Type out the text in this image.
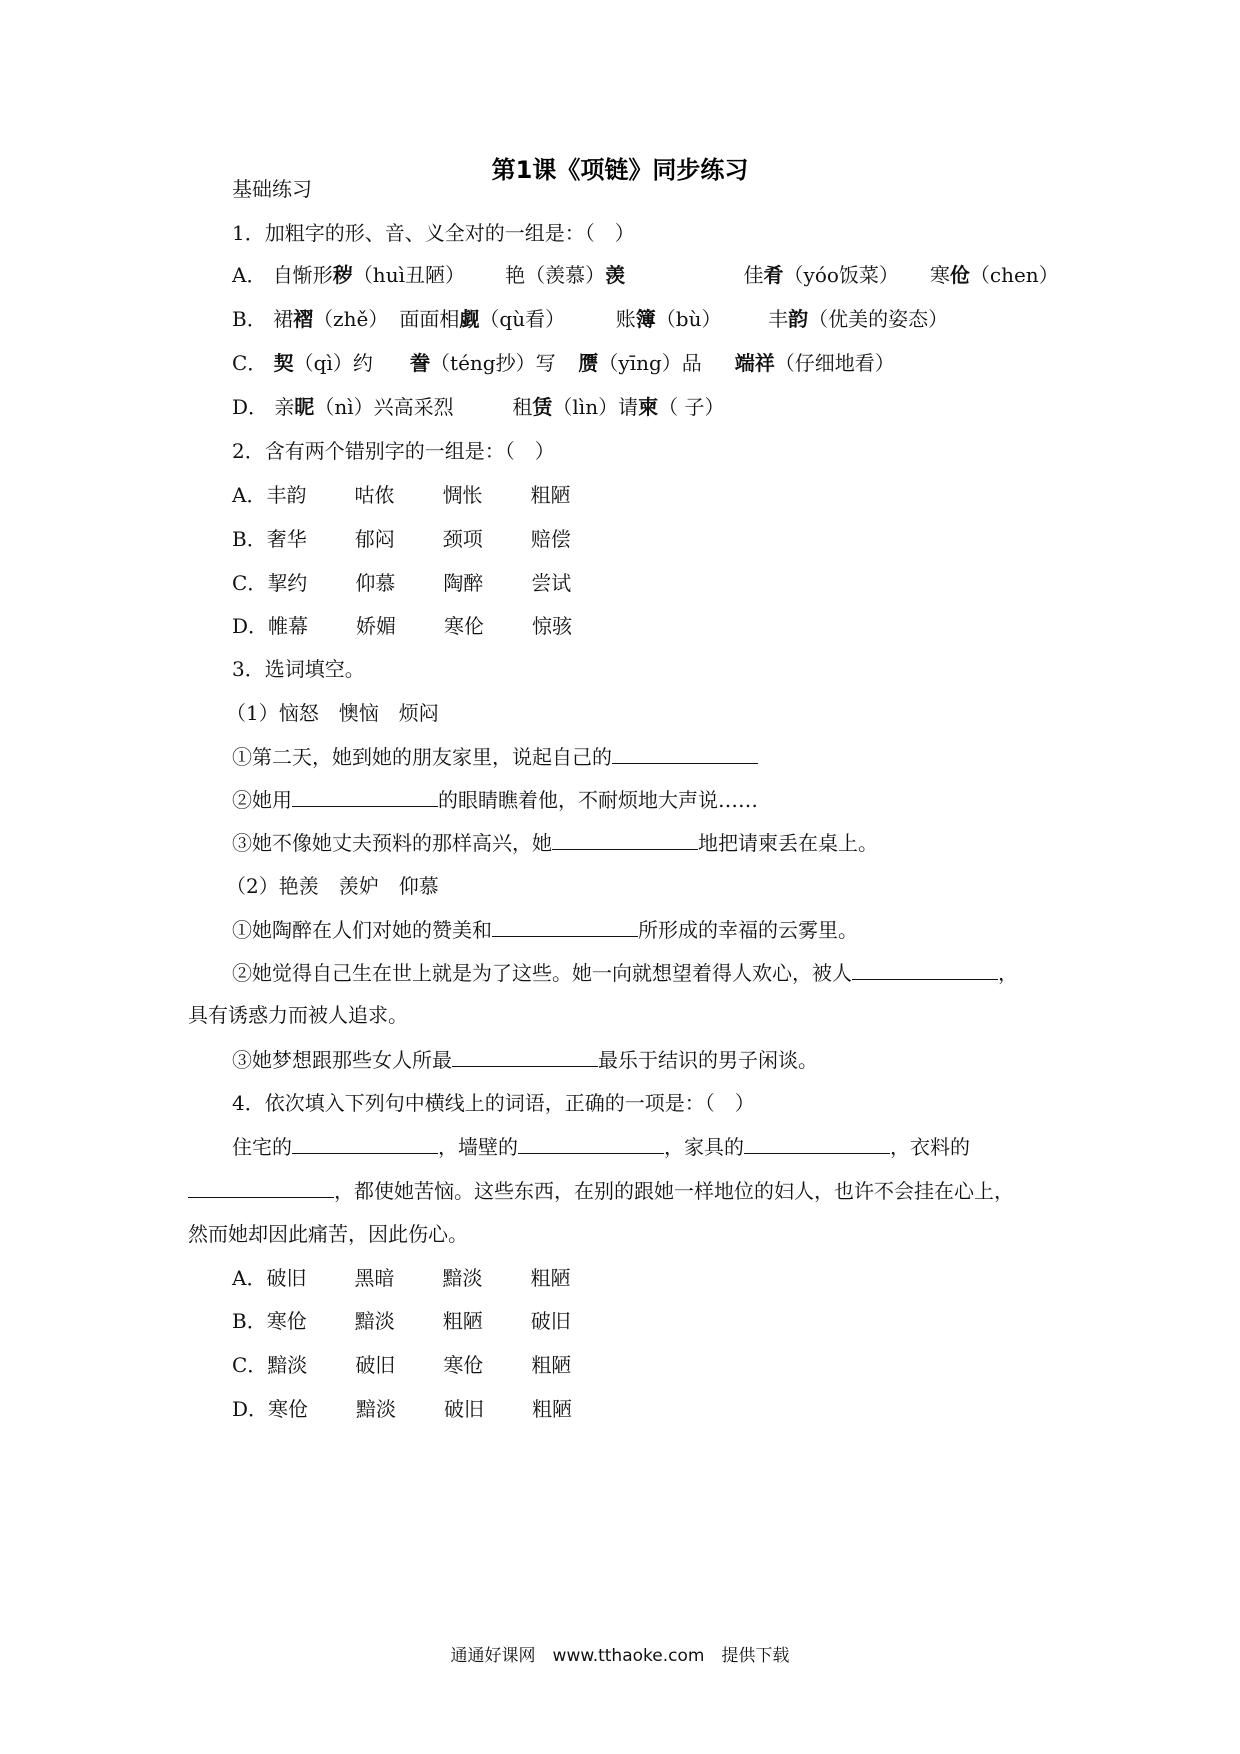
第1课《项链》同步练习
基础练习
1．加粗字的形、音、义全对的一组是：（　）
A． 自惭形秽（huì丑陋） 艳（羡慕）羡	佳肴（yóo饭菜） 寒伧（chen）
B． 裙褶（zhě） 面面相觑（qù看）	账簿（bù） 丰韵（优美的姿态）
C． 契（qì）约 誊（téng抄）写 赝（yīng）品 端祥（仔细地看）
D． 亲昵（nì）兴高采烈	租赁（lìn）请柬（ 子）
2．含有两个错别字的一组是：（　）
A．丰韵 咕侬 惆怅 粗陋
B．奢华 郁闷 颈项 赔偿
C．挈约 仰慕 陶醉 尝试
D．帷幕 娇媚 寒伦 惊骇
3．选词填空。
（1）恼怒　懊恼　烦闷
①第二天，她到她的朋友家里，说起自己的
②她用	的眼睛瞧着他，不耐烦地大声说……
③她不像她丈夫预料的那样高兴，她	地把请柬丢在桌上。
（2）艳羡　羡妒　仰慕
①她陶醉在人们对她的赞美和	所形成的幸福的云雾里。
②她觉得自己生在世上就是为了这些。她一向就想望着得人欢心，被人	，
具有诱惑力而被人追求。
③她梦想跟那些女人所最	最乐于结识的男子闲谈。
4．依次填入下列句中横线上的词语，正确的一项是：（　）
住宅的	，墙壁的	，家具的	，衣料的
，都使她苦恼。这些东西，在别的跟她一样地位的妇人，也许不会挂在心上，
然而她却因此痛苦，因此伤心。
A．破旧 黑暗 黯淡 粗陋
B．寒伧 黯淡 粗陋 破旧
C．黯淡 破旧 寒伧 粗陋
D．寒伧 黯淡 破旧 粗陋
通通好课网　www.tthaoke.com　提供下载
